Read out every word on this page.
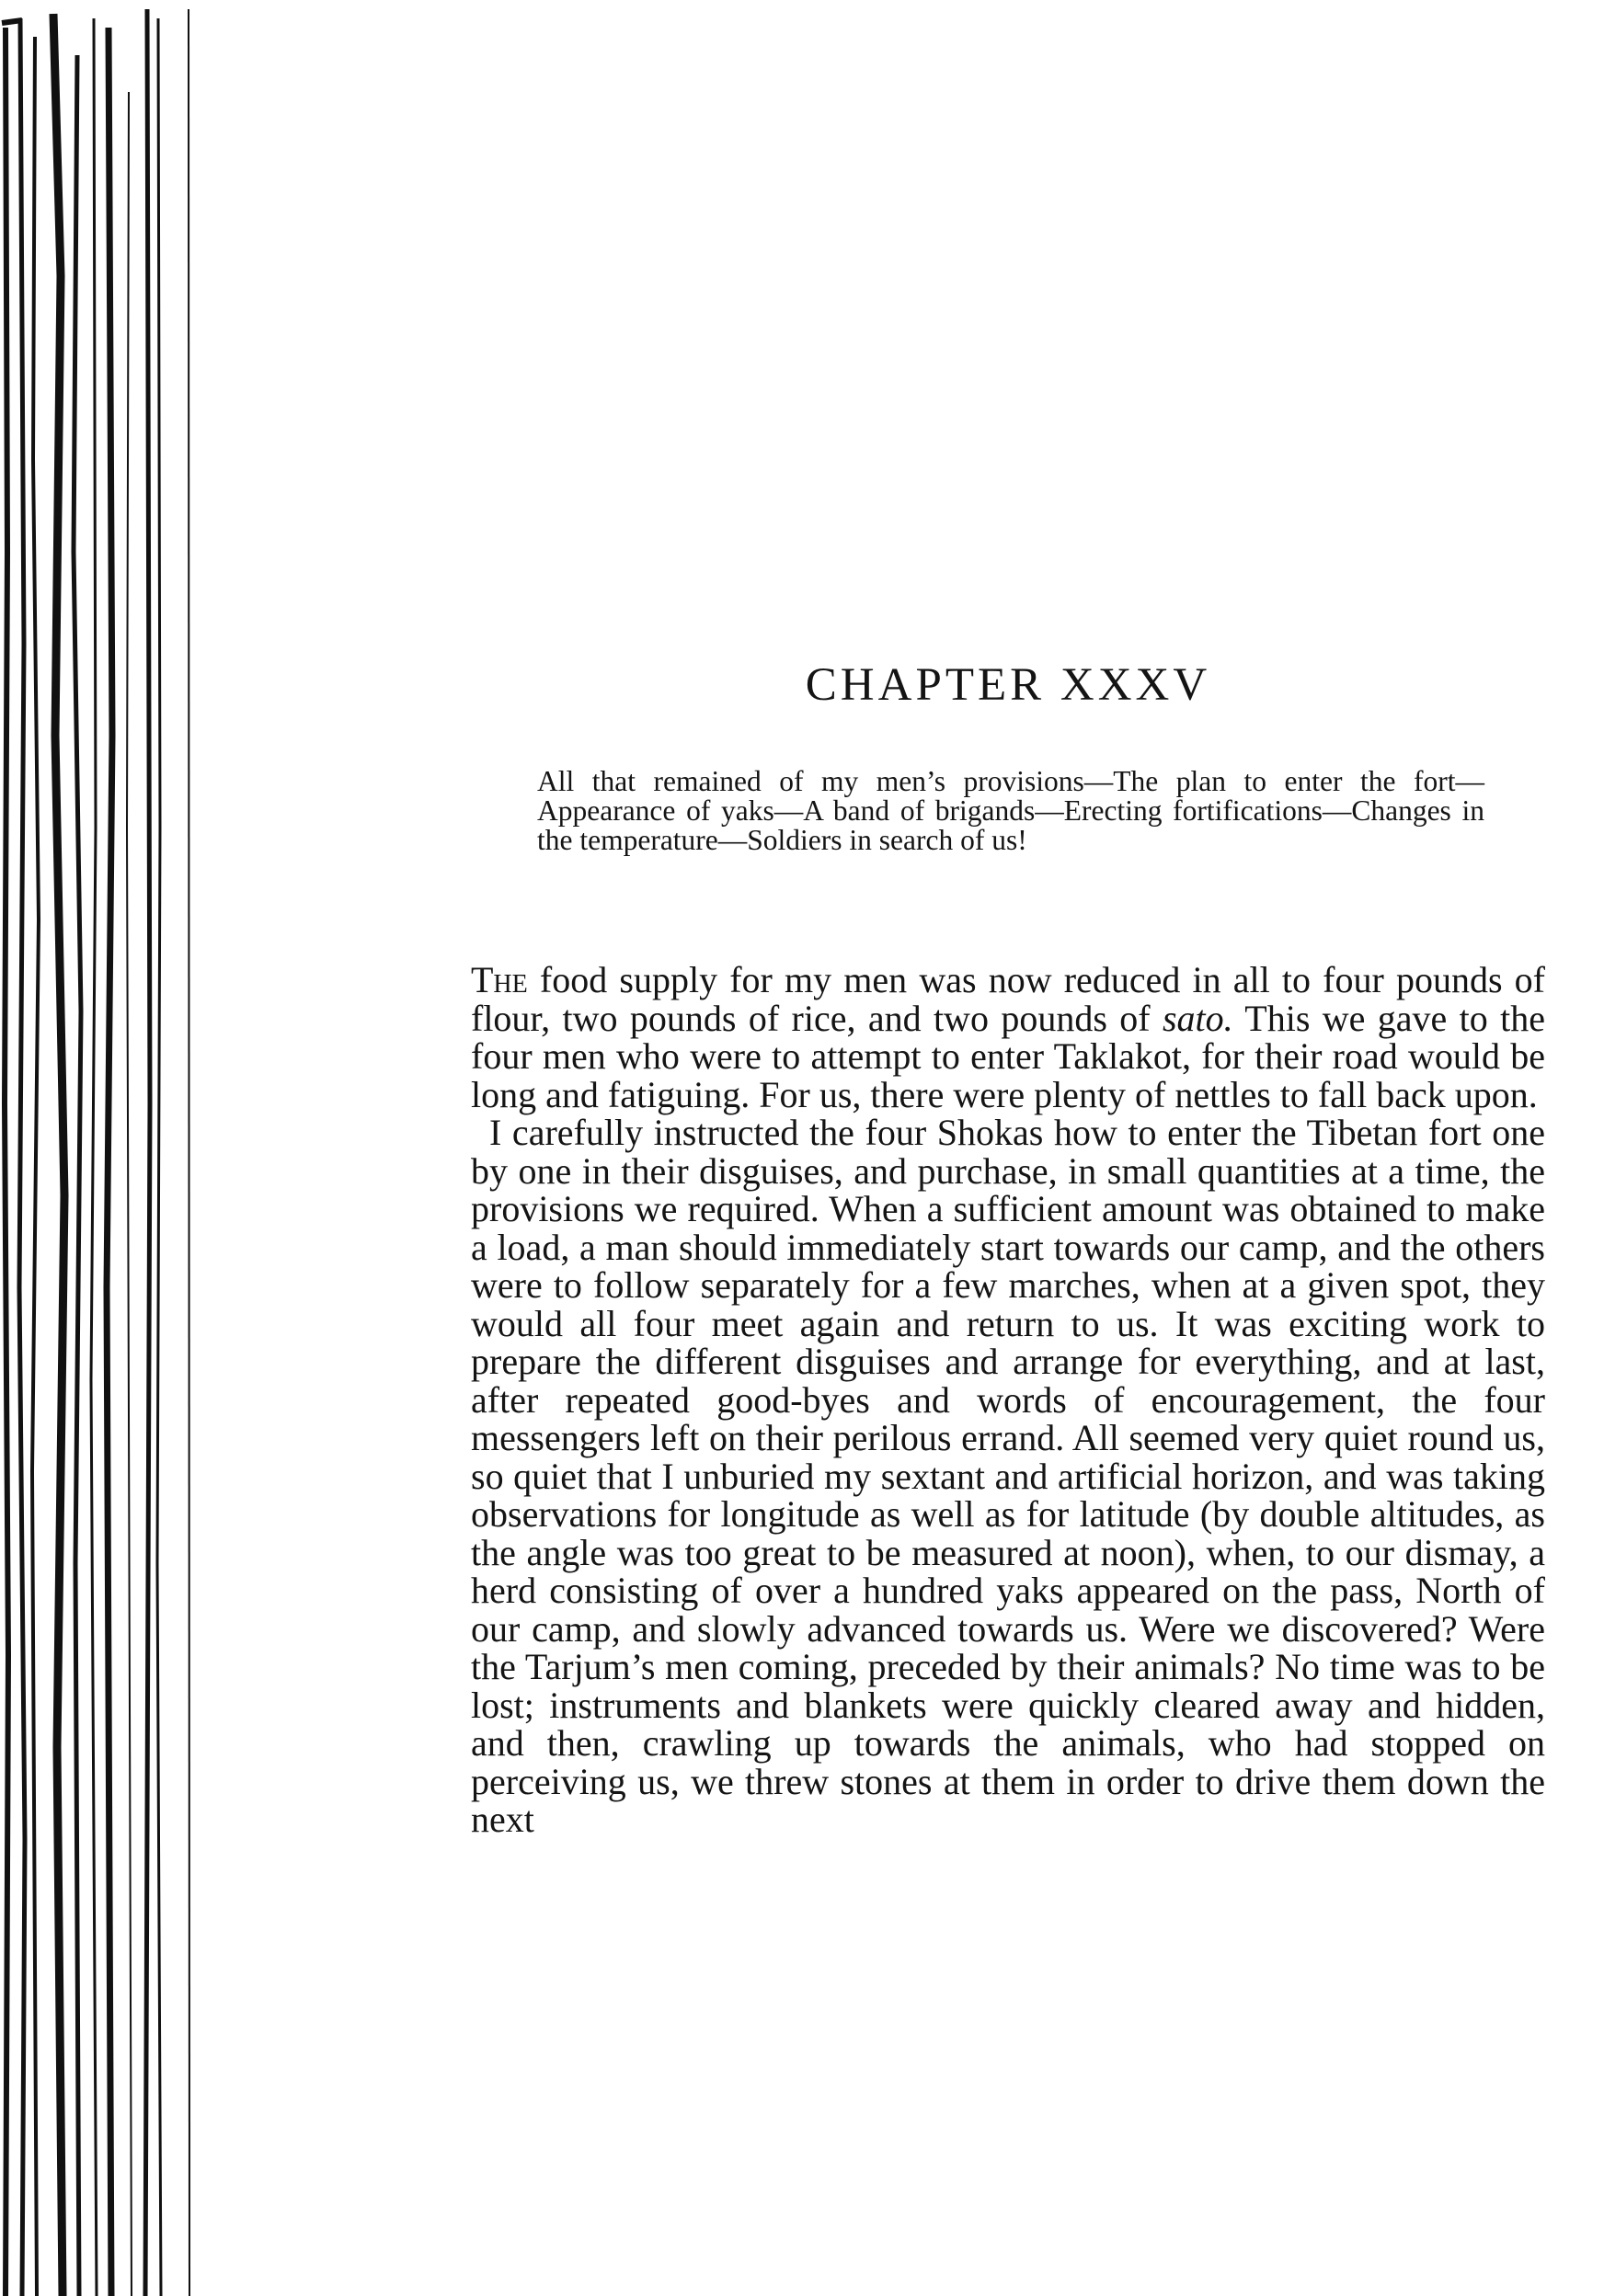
CHAPTER XXXV

All that remained of my men’s provisions—The plan to enter the fort—Appearance of yaks—A band of brigands—Erecting fortifications—Changes in the temperature—Soldiers in search of us!

The food supply for my men was now reduced in all to four pounds of flour, two pounds of rice, and two pounds of sato. This we gave to the four men who were to attempt to enter Taklakot, for their road would be long and fatiguing. For us, there were plenty of nettles to fall back upon.

I carefully instructed the four Shokas how to enter the Tibetan fort one by one in their disguises, and purchase, in small quantities at a time, the provisions we required. When a sufficient amount was obtained to make a load, a man should immediately start towards our camp, and the others were to follow separately for a few marches, when at a given spot, they would all four meet again and return to us. It was exciting work to prepare the different disguises and arrange for everything, and at last, after repeated good-byes and words of encouragement, the four messengers left on their perilous errand. All seemed very quiet round us, so quiet that I unburied my sextant and artificial horizon, and was taking observations for longitude as well as for latitude (by double altitudes, as the angle was too great to be measured at noon), when, to our dismay, a herd consisting of over a hundred yaks appeared on the pass, North of our camp, and slowly advanced towards us. Were we discovered? Were the Tarjum’s men coming, preceded by their animals? No time was to be lost; instruments and blankets were quickly cleared away and hidden, and then, crawling up towards the animals, who had stopped on perceiving us, we threw stones at them in order to drive them down the next
